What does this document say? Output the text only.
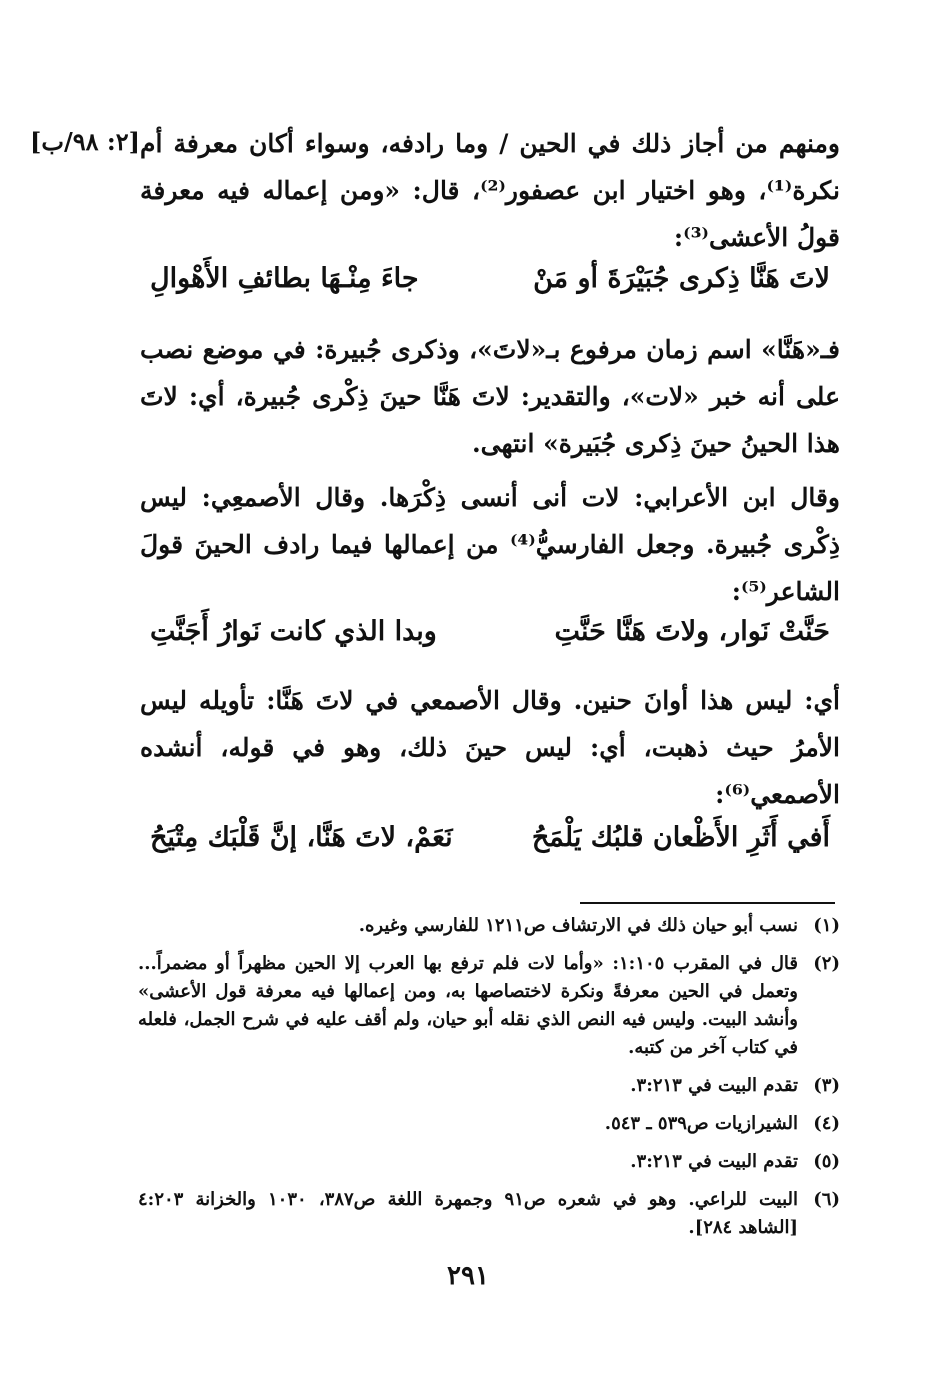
[٢: ٩٨/ب] ومنهم من أجاز ذلك في الحين / وما رادفه، وسواء أكان معرفة أم نكرة⁽¹⁾، وهو اختيار ابن عصفور⁽²⁾، قال: «ومن إعماله فيه معرفة قولُ الأعشى⁽³⁾:

لاتَ هَنَّا ذِكرى جُبَيْرَةَ أو مَنْ
جاءَ مِنْـهَا بطائفِ الأَهْوالِ

فـ«هَنَّا» اسم زمان مرفوع بـ«لاتَ»، وذكرى جُبيرة: في موضع نصب على أنه خبر «لات»، والتقدير: لاتَ هَنَّا حينَ ذِكْرى جُبيرة، أي: لاتَ هذا الحينُ حينَ ذِكرى جُبَيرة» انتهى.

وقال ابن الأعرابي: لات أنى أنسى ذِكْرَها. وقال الأصمعِي: ليس ذِكْرى جُبيرة. وجعل الفارسيُّ⁽⁴⁾ من إعمالها فيما رادف الحينَ قولَ الشاعر⁽⁵⁾:

حَنَّتْ نَوار، ولاتَ هَنَّا حَنَّتِ
وبدا الذي كانت نَوارُ أَجَنَّتِ

أي: ليس هذا أوانَ حنين. وقال الأصمعي في لاتَ هَنَّا: تأويله ليس الأمرُ حيث ذهبت، أي: ليس حينَ ذلك، وهو في قوله، أنشده الأصمعي⁽⁶⁾:

أَفي أَثَرِ الأَظْعان قلبُك يَلْمَحُ
نَعَمْ، لاتَ هَنَّا، إنَّ قَلْبَك مِتْيَحُ
(١)
نسب أبو حيان ذلك في الارتشاف ص١٢١١ للفارسي وغيره.
(٢)
قال في المقرب ١:١٠٥: «وأما لات فلم ترفع بها العرب إلا الحين مظهراً أو مضمراً... وتعمل في الحين معرفةً ونكرة لاختصاصها به، ومن إعمالها فيه معرفة قول الأعشى» وأنشد البيت. وليس فيه النص الذي نقله أبو حيان، ولم أقف عليه في شرح الجمل، فلعله في كتاب آخر من كتبه.
(٣)
تقدم البيت في ٣:٢١٣.
(٤)
الشيرازيات ص٥٣٩ ـ ٥٤٣.
(٥)
تقدم البيت في ٣:٢١٣.
(٦)
البيت للراعي. وهو في شعره ص٩١ وجمهرة اللغة ص٣٨٧، ١٠٣٠ والخزانة ٤:٢٠٣ [الشاهد ٢٨٤].
٢٩١
